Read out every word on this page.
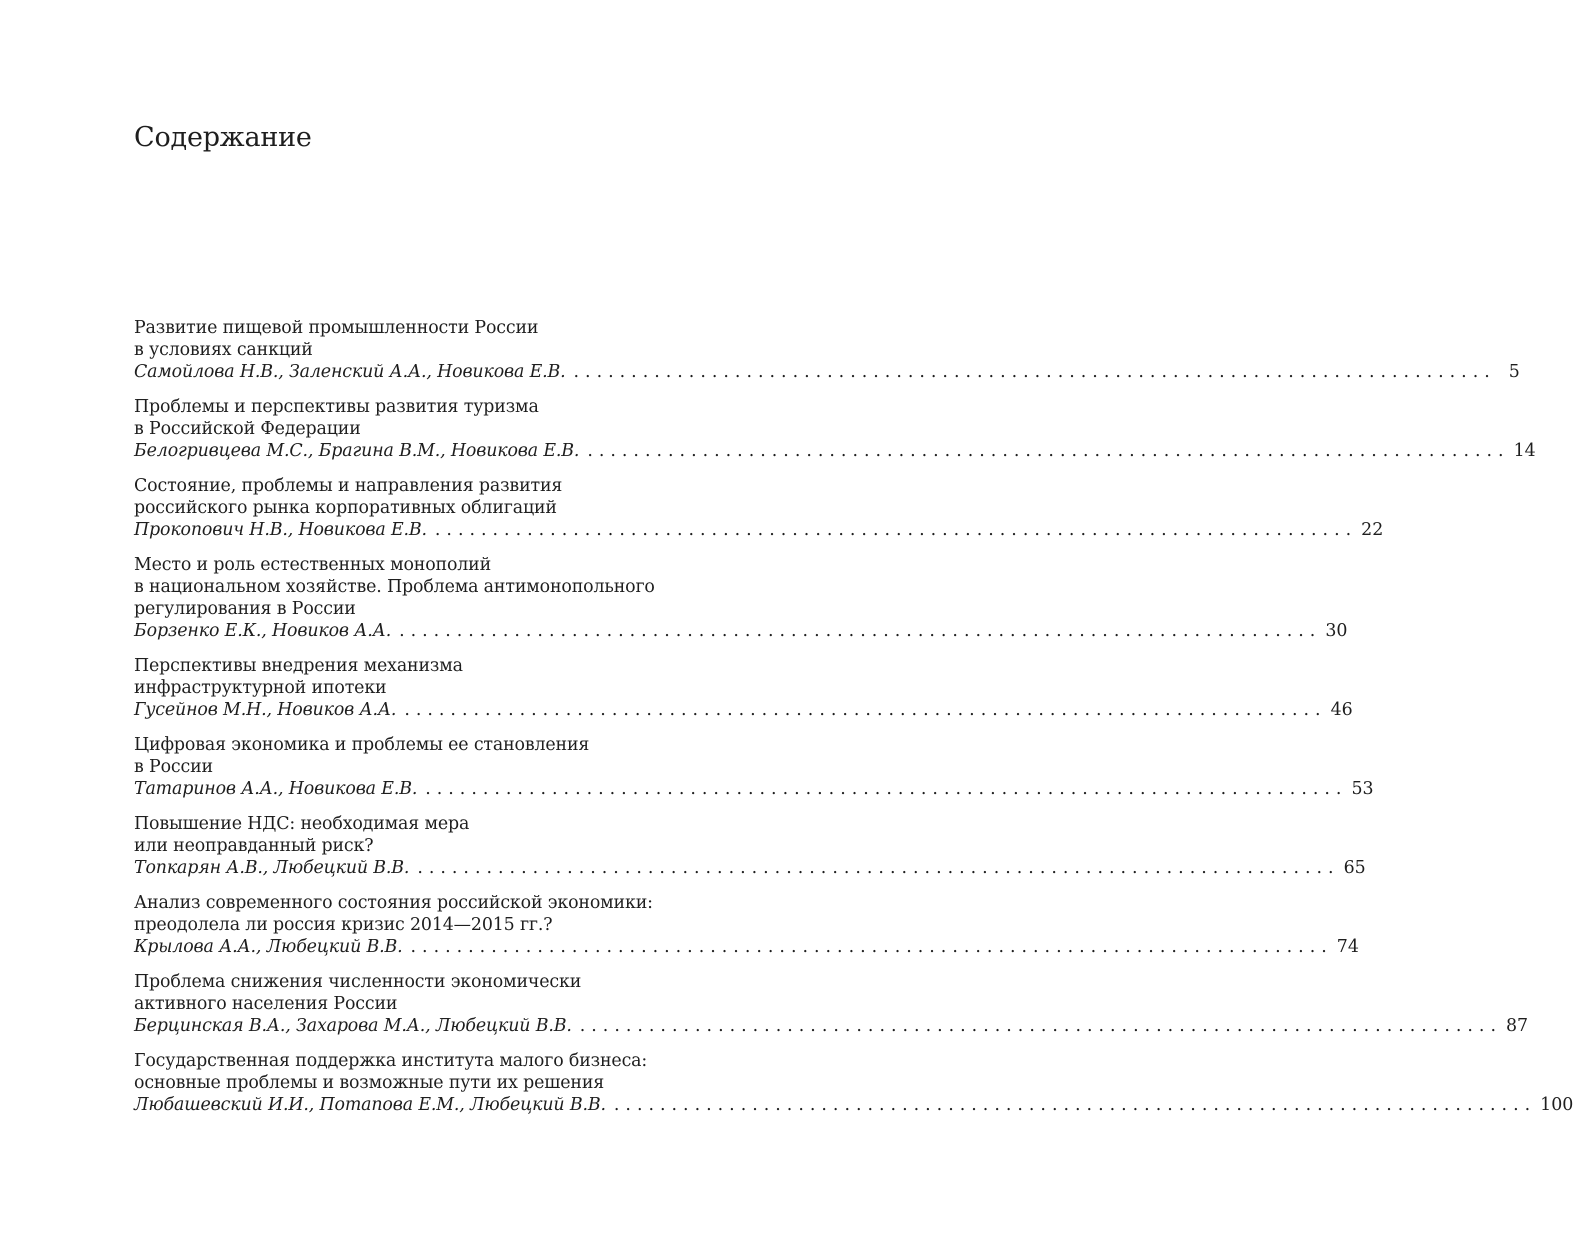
Содержание
Развитие пищевой промышленности России
в условиях санкций
Самойлова Н.В., Заленский А.А., Новикова Е.В. ................................................................................ 5
Проблемы и перспективы развития туризма
в Российской Федерации
Белогривцева М.С., Брагина В.М., Новикова Е.В. ................................................................................ 14
Состояние, проблемы и направления развития
российского рынка корпоративных облигаций
Прокопович Н.В., Новикова Е.В. ................................................................................ 22
Место и роль естественных монополий
в национальном хозяйстве. Проблема антимонопольного
регулирования в России
Борзенко Е.К., Новиков А.А. ................................................................................ 30
Перспективы внедрения механизма
инфраструктурной ипотеки
Гусейнов М.Н., Новиков А.А. ................................................................................ 46
Цифровая экономика и проблемы ее становления
в России
Татаринов А.А., Новикова Е.В. ................................................................................ 53
Повышение НДС: необходимая мера
или неоправданный риск?
Топкарян А.В., Любецкий В.В. ................................................................................ 65
Анализ современного состояния российской экономики:
преодолела ли россия кризис 2014—2015 гг.?
Крылова А.А., Любецкий В.В. ................................................................................ 74
Проблема снижения численности экономически
активного населения России
Берцинская В.А., Захарова М.А., Любецкий В.В. ................................................................................ 87
Государственная поддержка института малого бизнеса:
основные проблемы и возможные пути их решения
Любашевский И.И., Потапова Е.М., Любецкий В.В. ................................................................................ 100
